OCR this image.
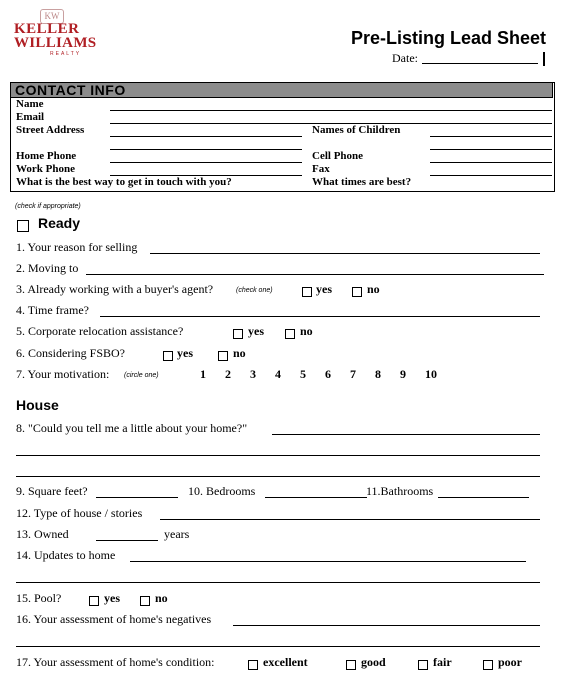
KW
KELLER
WILLIAMS
REALTY
Pre-Listing Lead Sheet
Date:
CONTACT INFO
Name
Email
Street Address	Names of Children
Home Phone	Cell Phone
Work Phone	Fax
What is the best way to get in touch with you?	What times are best?
(check if appropriate)
Ready
1. Your reason for selling
2. Moving to
3. Already working with a buyer's agent?	(check one)	yes	no
4. Time frame?
5. Corporate relocation assistance?	yes	no
6. Considering FSBO?	yes	no
7. Your motivation: (circle one)	1 2 3 4 5 6 7 8 9 10
House
8. "Could you tell me a little about your home?"
9. Square feet?	10. Bedrooms	11.Bathrooms
12. Type of house / stories
13. Owned	years
14. Updates to home
15. Pool?	yes	no
16. Your assessment of home's negatives
17. Your assessment of home's condition:	excellent	good	fair	poor
